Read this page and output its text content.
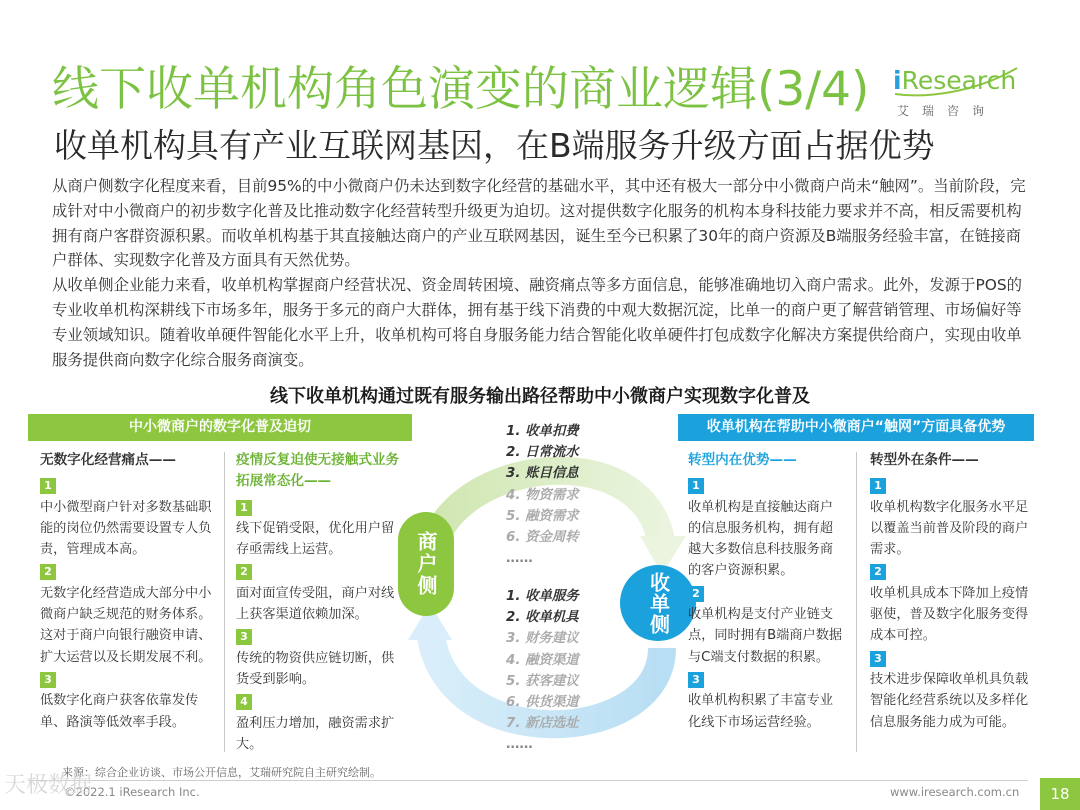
线下收单机构角色演变的商业逻辑(3/4)
收单机构具有产业互联网基因，在B端服务升级方面占据优势
iResearch
艾瑞咨询

从商户侧数字化程度来看，目前95%的中小微商户仍未达到数字化经营的基础水平，其中还有极大一部分中小微商户尚未“触网”。当前阶段，完成针对中小微商户的初步数字化普及比推动数字化经营转型升级更为迫切。这对提供数字化服务的机构本身科技能力要求并不高，相反需要机构拥有商户客群资源积累。而收单机构基于其直接触达商户的产业互联网基因，诞生至今已积累了30年的商户资源及B端服务经验丰富，在链接商户群体、实现数字化普及方面具有天然优势。

从收单侧企业能力来看，收单机构掌握商户经营状况、资金周转困境、融资痛点等多方面信息，能够准确地切入商户需求。此外，发源于POS的专业收单机构深耕线下市场多年，服务于多元的商户大群体，拥有基于线下消费的中观大数据沉淀，比单一的商户更了解营销管理、市场偏好等专业领域知识。随着收单硬件智能化水平上升，收单机构可将自身服务能力结合智能化收单硬件打包成数字化解决方案提供给商户，实现由收单服务提供商向数字化综合服务商演变。

线下收单机构通过既有服务输出路径帮助中小微商户实现数字化普及
中小微商户的数字化普及迫切	收单机构在帮助中小微商户“触网”方面具备优势
1. 收单扣费
2. 日常流水
3. 账目信息
4. 物资需求
5. 融资需求
6. 资金周转
……
1. 收单服务
2. 收单机具
3. 财务建议
4. 融资渠道
5. 获客建议
6. 供货渠道
7. 新店选址
……
商户侧
收单侧
无数字化经营痛点——
1
中小微型商户针对多数基础职能的岗位仍然需要设置专人负责，管理成本高。
2
无数字化经营造成大部分中小微商户缺乏规范的财务体系。这对于商户向银行融资申请、扩大运营以及长期发展不利。
3
低数字化商户获客依靠发传单、路演等低效率手段。
疫情反复迫使无接触式业务拓展常态化——
1
线下促销受限，优化用户留存亟需线上运营。
2
面对面宣传受阻，商户对线上获客渠道依赖加深。
3
传统的物资供应链切断，供货受到影响。
4
盈利压力增加，融资需求扩大。
转型内在优势——
1
收单机构是直接触达商户的信息服务机构，拥有超越大多数信息科技服务商的客户资源积累。
2
收单机构是支付产业链支点，同时拥有B端商户数据与C端支付数据的积累。
3
收单机构积累了丰富专业化线下市场运营经验。
转型外在条件——
1
收单机构数字化服务水平足以覆盖当前普及阶段的商户需求。
2
收单机具成本下降加上疫情驱使，普及数字化服务变得成本可控。
3
技术进步保障收单机具负载智能化经营系统以及多样化信息服务能力成为可能。
来源：综合企业访谈、市场公开信息，艾瑞研究院自主研究绘制。
©2022.1 iResearch Inc.	www.iresearch.com.cn	18
天极数据
